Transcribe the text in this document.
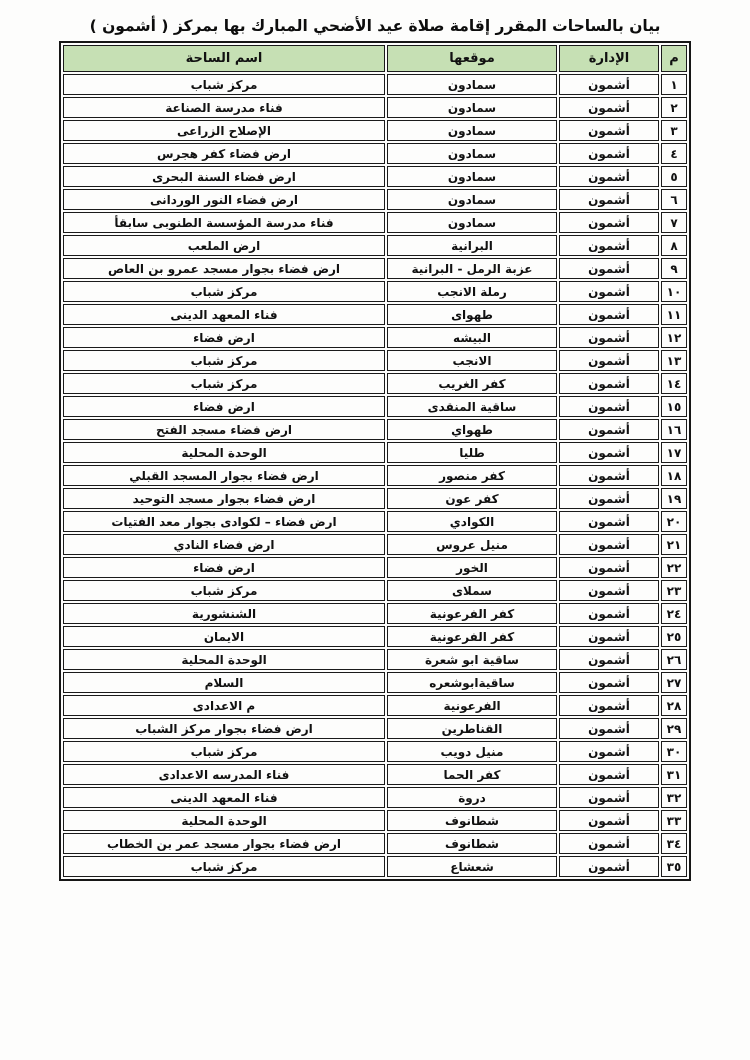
بيان بالساحات المقرر إقامة صلاة عيد الأضحي المبارك بها بمركز ( أشمون )
م	الإدارة	موقعها	اسم الساحة
١	أشمون	سمادون	مركز شباب
٢	أشمون	سمادون	فناء مدرسة الصناعة
٣	أشمون	سمادون	الإصلاح الزراعى
٤	أشمون	سمادون	ارض فضاء كفر هجرس
٥	أشمون	سمادون	ارض فضاء السنة البحرى
٦	أشمون	سمادون	ارض فضاء النور الوردانى
٧	أشمون	سمادون	فناء مدرسة المؤسسة الطنوبى سابقأ
٨	أشمون	البرانية	ارض الملعب
٩	أشمون	عزبة الرمل - البرانية	ارض فضاء بجوار مسجد عمرو بن العاص
١٠	أشمون	رملة الانجب	مركز شباب
١١	أشمون	طهواى	فناء المعهد الدينى
١٢	أشمون	البيشه	ارض فضاء
١٣	أشمون	الانجب	مركز شباب
١٤	أشمون	كفر الغريب	مركز شباب
١٥	أشمون	ساقية المنقدى	ارض فضاء
١٦	أشمون	طهواي	ارض فضاء مسجد الفتح
١٧	أشمون	طليا	الوحدة المحلية
١٨	أشمون	كفر منصور	ارض فضاء بجوار المسجد القبلي
١٩	أشمون	كفر عون	ارض فضاء بجوار مسجد التوحيد
٢٠	أشمون	الكوادي	ارض فضاء – لكوادى بجوار معد الفتيات
٢١	أشمون	منيل عروس	ارض فضاء النادي
٢٢	أشمون	الخور	ارض فضاء
٢٣	أشمون	سملاى	مركز شباب
٢٤	أشمون	كفر الفرعونية	الشنشورية
٢٥	أشمون	كفر الفرعونية	الايمان
٢٦	أشمون	ساقية ابو شعرة	الوحدة المحلية
٢٧	أشمون	ساقيةابوشعره	السلام
٢٨	أشمون	الفرعونية	م الاعدادى
٢٩	أشمون	القناطرين	ارض فضاء بجوار مركز الشباب
٣٠	أشمون	منيل دويب	مركز شباب
٣١	أشمون	كفر الحما	فناء المدرسه الاعدادى
٣٢	أشمون	دروة	فناء المعهد الدينى
٣٣	أشمون	شطانوف	الوحدة المحلية
٣٤	أشمون	شطانوف	ارض فضاء بجوار مسجد عمر بن الخطاب
٣٥	أشمون	شعشاع	مركز شباب
